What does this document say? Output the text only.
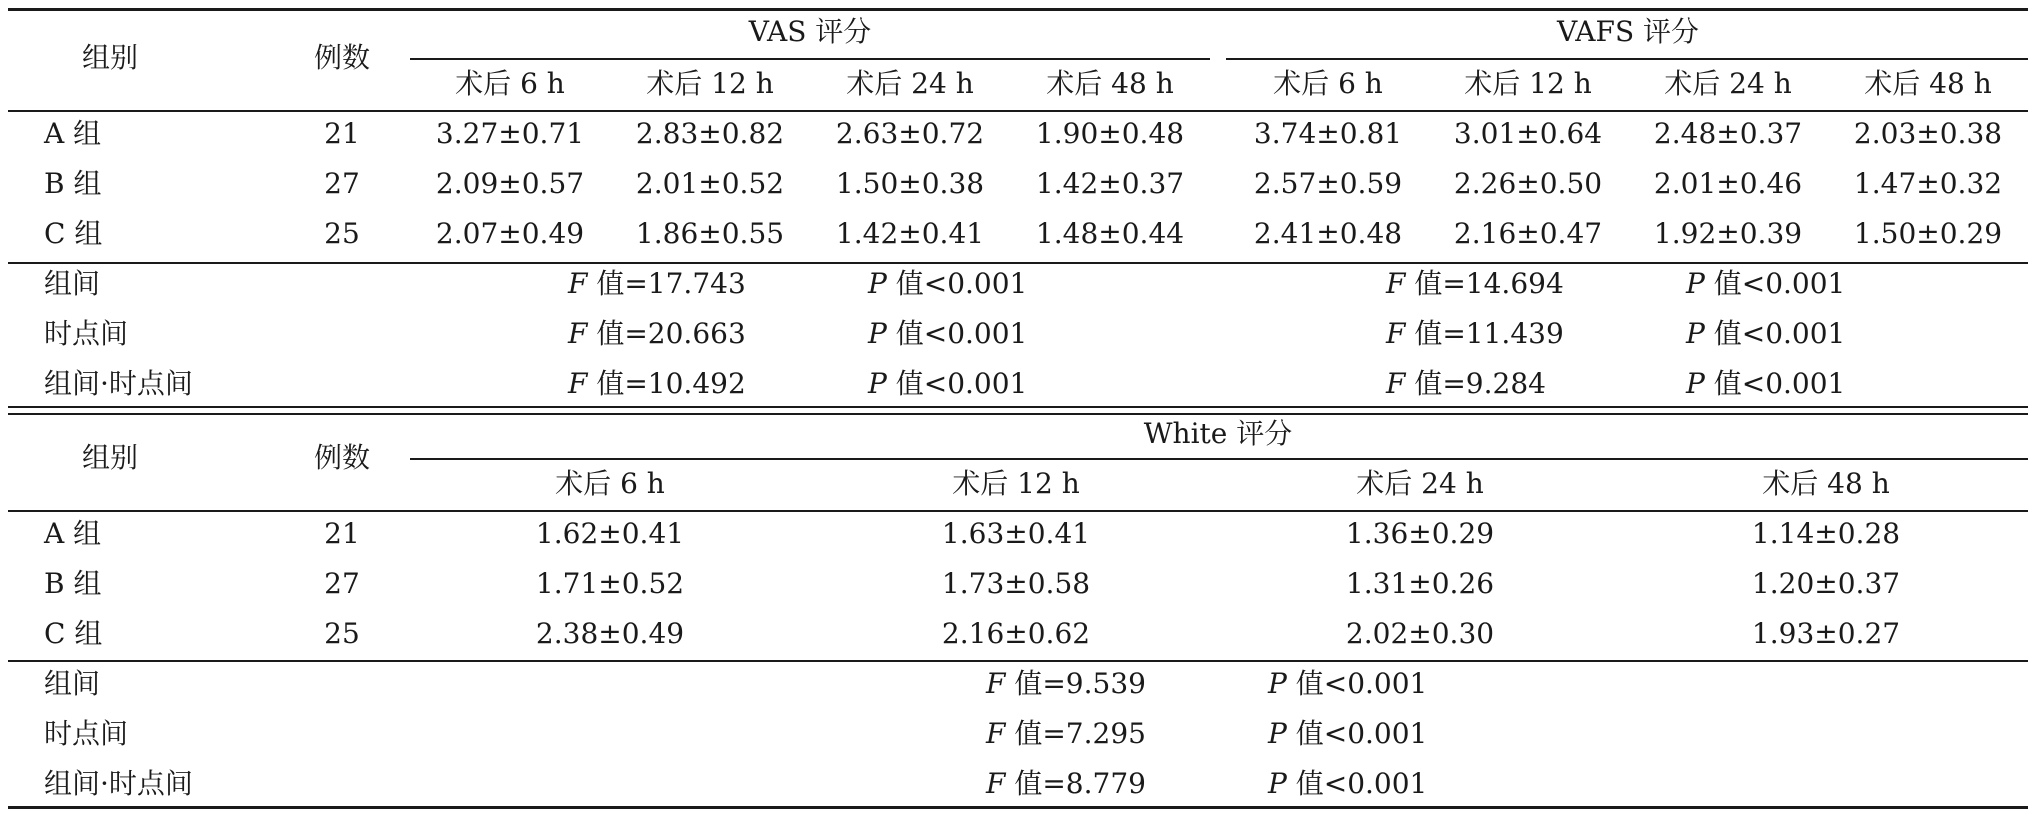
组别	例数
VAS 评分	VAFS 评分
术后 6 h	术后 12 h	术后 24 h	术后 48 h	术后 6 h	术后 12 h	术后 24 h	术后 48 h
A 组	21	3.27±0.71 2.83±0.82 2.63±0.72 1.90±0.48 3.74±0.81 3.01±0.64 2.48±0.37 2.03±0.38
B 组	27	2.09±0.57 2.01±0.52 1.50±0.38 1.42±0.37 2.57±0.59 2.26±0.50 2.01±0.46 1.47±0.32
C 组	25	2.07±0.49 1.86±0.55 1.42±0.41 1.48±0.44 2.41±0.48 2.16±0.47 1.92±0.39 1.50±0.29
组间	F 值=17.743	P 值<0.001	F 值=14.694	P 值<0.001
时点间	F 值=20.663	P 值<0.001	F 值=11.439	P 值<0.001
组间·时点间	F 值=10.492	P 值<0.001	F 值=9.284	P 值<0.001
组别	例数
White 评分
术后 6 h	术后 12 h	术后 24 h	术后 48 h
A 组	21	1.62±0.41	1.63±0.41	1.36±0.29	1.14±0.28
B 组	27	1.71±0.52	1.73±0.58	1.31±0.26	1.20±0.37
C 组	25	2.38±0.49	2.16±0.62	2.02±0.30	1.93±0.27
组间	F 值=9.539	P 值<0.001
时点间	F 值=7.295	P 值<0.001
组间·时点间	F 值=8.779	P 值<0.001
